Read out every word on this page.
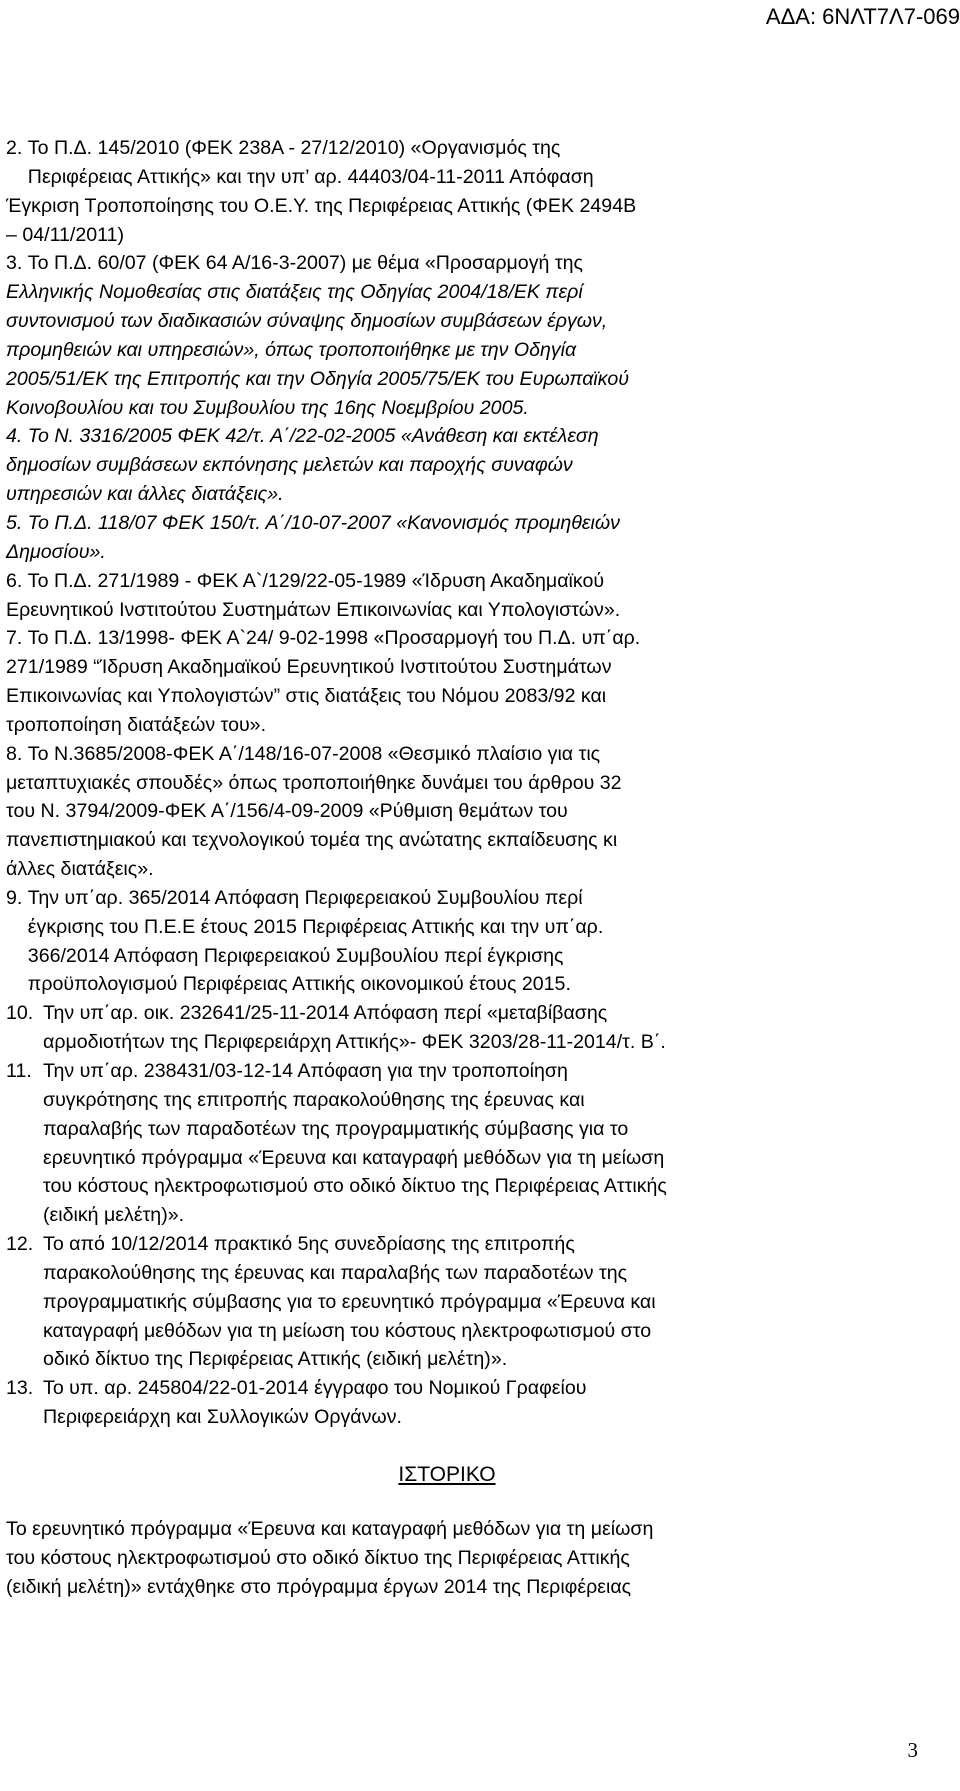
ΑΔΑ: 6ΝΛΤ7Λ7-069
2.
Το Π.Δ. 145/2010 (ΦΕΚ 238Α - 27/12/2010) «Οργανισμός της
Περιφέρειας Αττικής» και την υπ’ αρ. 44403/04-11-2011 Απόφαση
Έγκριση Τροποποίησης του Ο.Ε.Υ. της Περιφέρειας Αττικής (ΦΕΚ 2494Β
– 04/11/2011)
3.
Το Π.Δ. 60/07 (ΦΕΚ 64 Α/16-3-2007) με θέμα «Προσαρμογή της
Ελληνικής Νομοθεσίας στις διατάξεις της Οδηγίας 2004/18/ΕΚ περί
συντονισμού των διαδικασιών σύναψης δημοσίων συμβάσεων έργων,
προμηθειών και υπηρεσιών», όπως τροποποιήθηκε με την Οδηγία
2005/51/ΕΚ της Επιτροπής και την Οδηγία 2005/75/ΕΚ του Ευρωπαϊκού
Κοινοβουλίου και του Συμβουλίου της 16ης Νοεμβρίου 2005.
4.
Το Ν. 3316/2005 ΦΕΚ 42/τ. Α΄/22-02-2005 «Ανάθεση και εκτέλεση
δημοσίων συμβάσεων εκπόνησης μελετών και παροχής συναφών
υπηρεσιών και άλλες διατάξεις».
5.
Το Π.Δ. 118/07 ΦΕΚ 150/τ. Α΄/10-07-2007 «Κανονισμός προμηθειών
Δημοσίου».
6.
Το Π.Δ. 271/1989 - ΦΕΚ Α`/129/22-05-1989 «Ίδρυση Ακαδημαϊκού
Ερευνητικού Ινστιτούτου Συστημάτων Επικοινωνίας και Υπολογιστών».
7.
Το Π.Δ. 13/1998- ΦΕΚ Α`24/ 9-02-1998 «Προσαρμογή του Π.Δ. υπ΄αρ.
271/1989 “Ίδρυση Ακαδημαϊκού Ερευνητικού Ινστιτούτου Συστημάτων
Επικοινωνίας και Υπολογιστών” στις διατάξεις του Νόμου 2083/92 και
τροποποίηση διατάξεών του».
8.
Το Ν.3685/2008-ΦΕΚ Α΄/148/16-07-2008 «Θεσμικό πλαίσιο για τις
μεταπτυχιακές σπουδές» όπως τροποποιήθηκε δυνάμει του άρθρου 32
του Ν. 3794/2009-ΦΕΚ Α΄/156/4-09-2009 «Ρύθμιση θεμάτων του
πανεπιστημιακού και τεχνολογικού τομέα της ανώτατης εκπαίδευσης κι
άλλες διατάξεις».
9.
Την υπ΄αρ. 365/2014 Απόφαση Περιφερειακού Συμβουλίου περί
έγκρισης του Π.Ε.Ε έτους 2015 Περιφέρειας Αττικής και την υπ΄αρ.
366/2014 Απόφαση Περιφερειακού Συμβουλίου περί έγκρισης
προϋπολογισμού Περιφέρειας Αττικής οικονομικού έτους 2015.
10. Την υπ΄αρ. οικ. 232641/25-11-2014 Απόφαση περί «μεταβίβασης
αρμοδιοτήτων της Περιφερειάρχη Αττικής»- ΦΕΚ 3203/28-11-2014/τ. Β΄.
11. Την υπ΄αρ. 238431/03-12-14 Απόφαση για την τροποποίηση
συγκρότησης της επιτροπής παρακολούθησης της έρευνας και
παραλαβής των παραδοτέων της προγραμματικής σύμβασης για το
ερευνητικό πρόγραμμα «Έρευνα και καταγραφή μεθόδων για τη μείωση
του κόστους ηλεκτροφωτισμού στο οδικό δίκτυο της Περιφέρειας Αττικής
(ειδική μελέτη)».
12. Το από 10/12/2014 πρακτικό 5ης συνεδρίασης της επιτροπής
παρακολούθησης της έρευνας και παραλαβής των παραδοτέων της
προγραμματικής σύμβασης για το ερευνητικό πρόγραμμα «Έρευνα και
καταγραφή μεθόδων για τη μείωση του κόστους ηλεκτροφωτισμού στο
οδικό δίκτυο της Περιφέρειας Αττικής (ειδική μελέτη)».
13. Το υπ. αρ. 245804/22-01-2014 έγγραφο του Νομικού Γραφείου
Περιφερειάρχη και Συλλογικών Οργάνων.
ΙΣΤΟΡΙΚΟ
Το ερευνητικό πρόγραμμα «Έρευνα και καταγραφή μεθόδων για τη μείωση
του κόστους ηλεκτροφωτισμού στο οδικό δίκτυο της Περιφέρειας Αττικής
(ειδική μελέτη)» εντάχθηκε στο πρόγραμμα έργων 2014 της Περιφέρειας
3
